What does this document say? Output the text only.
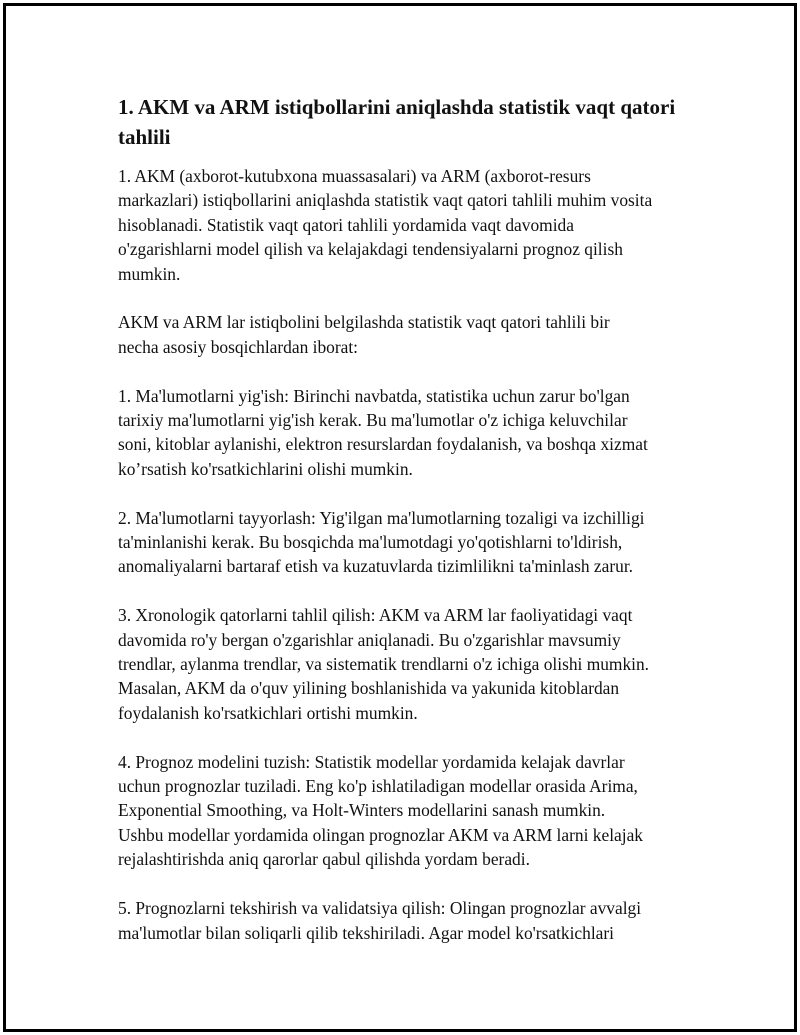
1. AKM va ARM istiqbollarini aniqlashda statistik vaqt qatori tahlili

1. AKM (axborot-kutubxona muassasalari) va ARM (axborot-resurs
markazlari) istiqbollarini aniqlashda statistik vaqt qatori tahlili muhim vosita
hisoblanadi. Statistik vaqt qatori tahlili yordamida vaqt davomida
o'zgarishlarni model qilish va kelajakdagi tendensiyalarni prognoz qilish
mumkin.

AKM va ARM lar istiqbolini belgilashda statistik vaqt qatori tahlili bir
necha asosiy bosqichlardan iborat:

1. Ma'lumotlarni yig'ish: Birinchi navbatda, statistika uchun zarur bo'lgan
tarixiy ma'lumotlarni yig'ish kerak. Bu ma'lumotlar o'z ichiga keluvchilar
soni, kitoblar aylanishi, elektron resurslardan foydalanish, va boshqa xizmat
ko’rsatish ko'rsatkichlarini olishi mumkin.

2. Ma'lumotlarni tayyorlash: Yig'ilgan ma'lumotlarning tozaligi va izchilligi
ta'minlanishi kerak. Bu bosqichda ma'lumotdagi yo'qotishlarni to'ldirish,
anomaliyalarni bartaraf etish va kuzatuvlarda tizimlilikni ta'minlash zarur.

3. Xronologik qatorlarni tahlil qilish: AKM va ARM lar faoliyatidagi vaqt
davomida ro'y bergan o'zgarishlar aniqlanadi. Bu o'zgarishlar mavsumiy
trendlar, aylanma trendlar, va sistematik trendlarni o'z ichiga olishi mumkin.
Masalan, AKM da o'quv yilining boshlanishida va yakunida kitoblardan
foydalanish ko'rsatkichlari ortishi mumkin.

4. Prognoz modelini tuzish: Statistik modellar yordamida kelajak davrlar
uchun prognozlar tuziladi. Eng ko'p ishlatiladigan modellar orasida Arima,
Exponential Smoothing, va Holt-Winters modellarini sanash mumkin.
Ushbu modellar yordamida olingan prognozlar AKM va ARM larni kelajak
rejalashtirishda aniq qarorlar qabul qilishda yordam beradi.

5. Prognozlarni tekshirish va validatsiya qilish: Olingan prognozlar avvalgi
ma'lumotlar bilan soliqarli qilib tekshiriladi. Agar model ko'rsatkichlari
